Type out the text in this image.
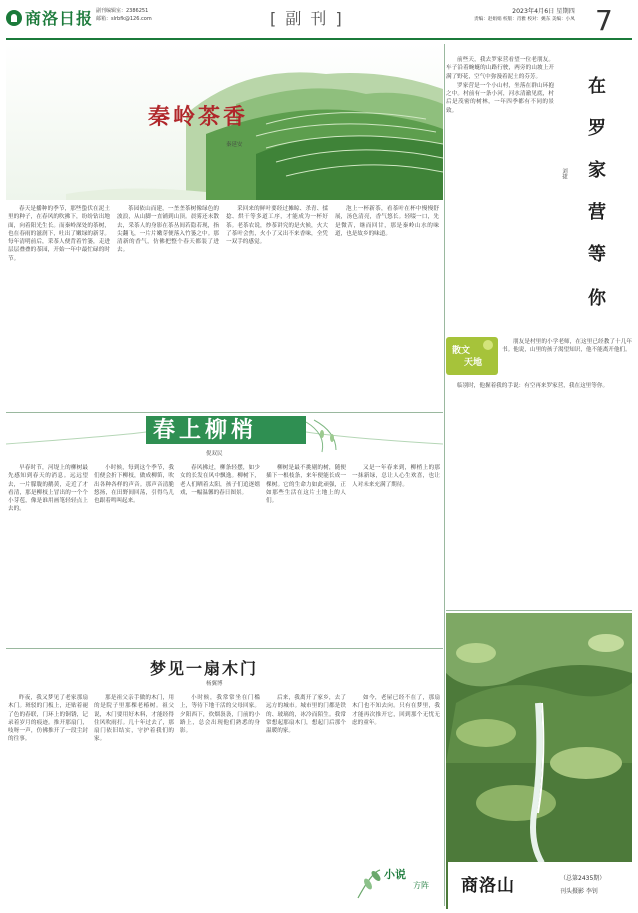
商洛日报 副刊编辑室：2386251
邮箱：slrbfk@126.com	[ 副 刊 ]	2023年4月6日 星期四
责编：赵娟娟 校版：肖雅 校对：姚东 美编：小凤 7
秦岭茶香
秦延安

春天是播种的季节，那些蛰伏在泥土里的种子，在春风的吹拂下，纷纷钻出地面，向着阳光生长。而秦岭深处的茶树，也在春雨的滋润下，吐出了嫩绿的新芽。每年清明前后，采茶人便背着竹篓，走进层层叠叠的茶园，开始一年中最忙碌的时节。

茶园依山而建，一垄垄茶树像绿色的波浪，从山脚一直铺到山顶。晨雾还未散去，采茶人的身影在茶丛间若隐若现，指尖翻飞，一片片嫩芽便落入竹篓之中。那清新的香气，仿佛把整个春天都装了进去。

采回来的鲜叶要经过摊晾、杀青、揉捻、烘干等多道工序，才能成为一杯好茶。老茶农说，炒茶讲究的是火候，火大了茶叶会焦，火小了又出不来香味，全凭一双手的感觉。

泡上一杯新茶，看茶叶在杯中慢慢舒展，汤色清亮，香气悠长。轻啜一口，先是微苦，继而回甘，那是秦岭山水的味道，也是故乡的味道。

春上柳梢
倪双民

早春时节，河堤上的柳树最先感知到春天的消息。远远望去，一片朦胧的鹅黄，走近了才看清，那是柳枝上冒出的一个个小芽苞，像是谁用画笔轻轻点上去的。

小时候，每到这个季节，我们便会折下柳枝，做成柳笛，吹出各种各样的声音。那声音清脆悠扬，在田野间回荡，引得鸟儿也跟着鸣叫起来。

春风拂过，柳条轻摆，如少女的长发在风中飘逸。柳树下，老人们晒着太阳，孩子们追逐嬉戏，一幅温馨的春日图景。

柳树是最不挑剔的树，随便插下一根枝条，来年便能长成一棵树。它的生命力如此顽强，正如那些生活在这片土地上的人们。

又是一年春来到，柳梢上的那一抹新绿，总让人心生欢喜，也让人对未来充满了期待。

梦见一扇木门
杨翼博

昨夜，我又梦见了老家那扇木门。斑驳的门板上，还贴着褪了色的春联，门环上的铜锈，记录着岁月的痕迹。推开那扇门，吱呀一声，仿佛推开了一段尘封的往事。

那是祖父亲手做的木门，用的是院子里那棵老椿树。祖父说，木门要用好木料，才能经得住风吹雨打。几十年过去了，那扇门依旧结实，守护着我们的家。

小时候，我常常坐在门槛上，等待下地干活的父母回家。夕阳西下，炊烟袅袅，门前的小路上，总会出现他们熟悉的身影。

后来，我离开了家乡，去了远方的城市。城市里的门都是铁的、玻璃的，冰冷而陌生。我常常想起那扇木门，想起门后那个温暖的家。

如今，老屋已经不在了，那扇木门也不知去向。只有在梦里，我才能再次推开它，回到那个无忧无虑的童年。

小说
方阵

前些天，我去罗家营看望一位老朋友。车子沿着蜿蜒的山路行驶，两旁的山坡上开满了野花，空气中弥漫着泥土的芬芳。

罗家营是一个小山村，坐落在群山环抱之中。村前有一条小河，河水清澈见底，村后是茂密的树林，一年四季都有不同的景致。

在
罗
家
营
等
你
刘捷
散文
天地

朋友是村里的小学老师，在这里已经教了十几年书。他说，山里的孩子渴望知识，他不能离开他们。

临别时，他握着我的手说：有空再来罗家营，我在这里等你。

商洛山	（总第2435期）
刊头摄影 李钊
